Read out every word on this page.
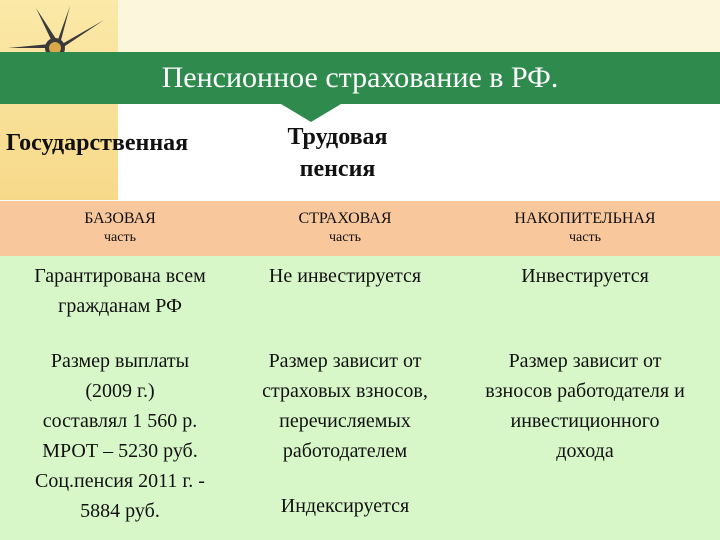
Пенсионное страхование в РФ.
Государственная	Трудовая
пенсия
БАЗОВАЯ
часть
СТРАХОВАЯ
часть
НАКОПИТЕЛЬНАЯ
часть
Гарантирована всем
гражданам РФ
Не инвестируется	Инвестируется
Размер выплаты
(2009 г.)
составлял 1 560 р.
МРОТ – 5230 руб.
Соц.пенсия 2011 г. -
5884 руб.
Размер зависит от
страховых взносов,
перечисляемых
работодателем
Индексируется
Размер зависит от
взносов работодателя и
инвестиционного
дохода
